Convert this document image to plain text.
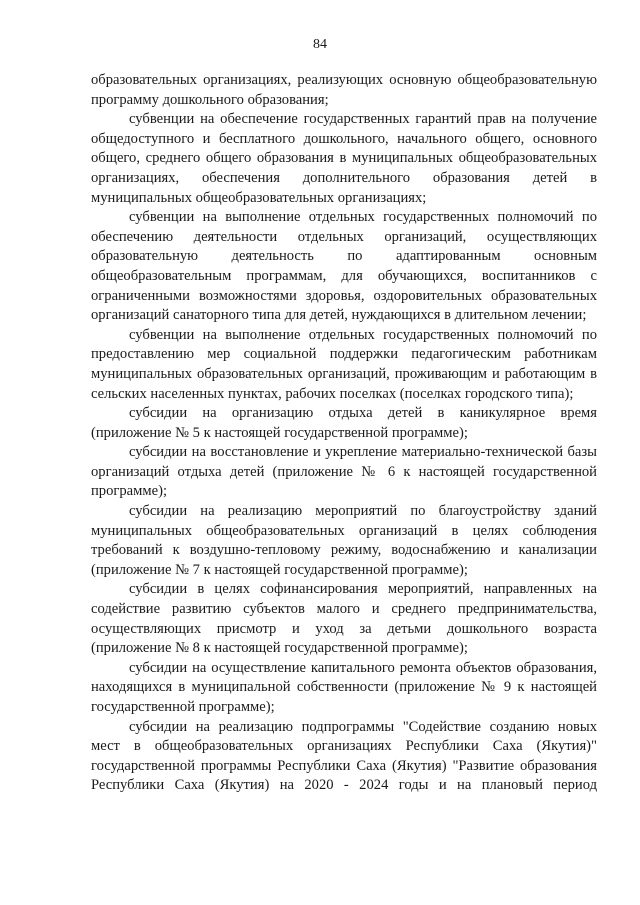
84

образовательных организациях, реализующих основную общеобразовательную программу дошкольного образования;

субвенции на обеспечение государственных гарантий прав на получение общедоступного и бесплатного дошкольного, начального общего, основного общего, среднего общего образования в муниципальных общеобразовательных организациях, обеспечения дополнительного образования детей в муниципальных общеобразовательных организациях;

субвенции на выполнение отдельных государственных полномочий по обеспечению деятельности отдельных организаций, осуществляющих образовательную деятельность по адаптированным основным общеобразовательным программам, для обучающихся, воспитанников с ограниченными возможностями здоровья, оздоровительных образовательных организаций санаторного типа для детей, нуждающихся в длительном лечении;

субвенции на выполнение отдельных государственных полномочий по предоставлению мер социальной поддержки педагогическим работникам муниципальных образовательных организаций, проживающим и работающим в сельских населенных пунктах, рабочих поселках (поселках городского типа);

субсидии на организацию отдыха детей в каникулярное время (приложение № 5 к настоящей государственной программе);

субсидии на восстановление и укрепление материально-технической базы организаций отдыха детей (приложение № 6 к настоящей государственной программе);

субсидии на реализацию мероприятий по благоустройству зданий муниципальных общеобразовательных организаций в целях соблюдения требований к воздушно-тепловому режиму, водоснабжению и канализации (приложение № 7 к настоящей государственной программе);

субсидии в целях софинансирования мероприятий, направленных на содействие развитию субъектов малого и среднего предпринимательства, осуществляющих присмотр и уход за детьми дошкольного возраста (приложение № 8 к настоящей государственной программе);

субсидии на осуществление капитального ремонта объектов образования, находящихся в муниципальной собственности (приложение № 9 к настоящей государственной программе);

субсидии на реализацию подпрограммы "Содействие созданию новых мест в общеобразовательных организациях Республики Саха (Якутия)" государственной программы Республики Саха (Якутия) "Развитие образования Республики Саха (Якутия) на 2020 - 2024 годы и на плановый период
